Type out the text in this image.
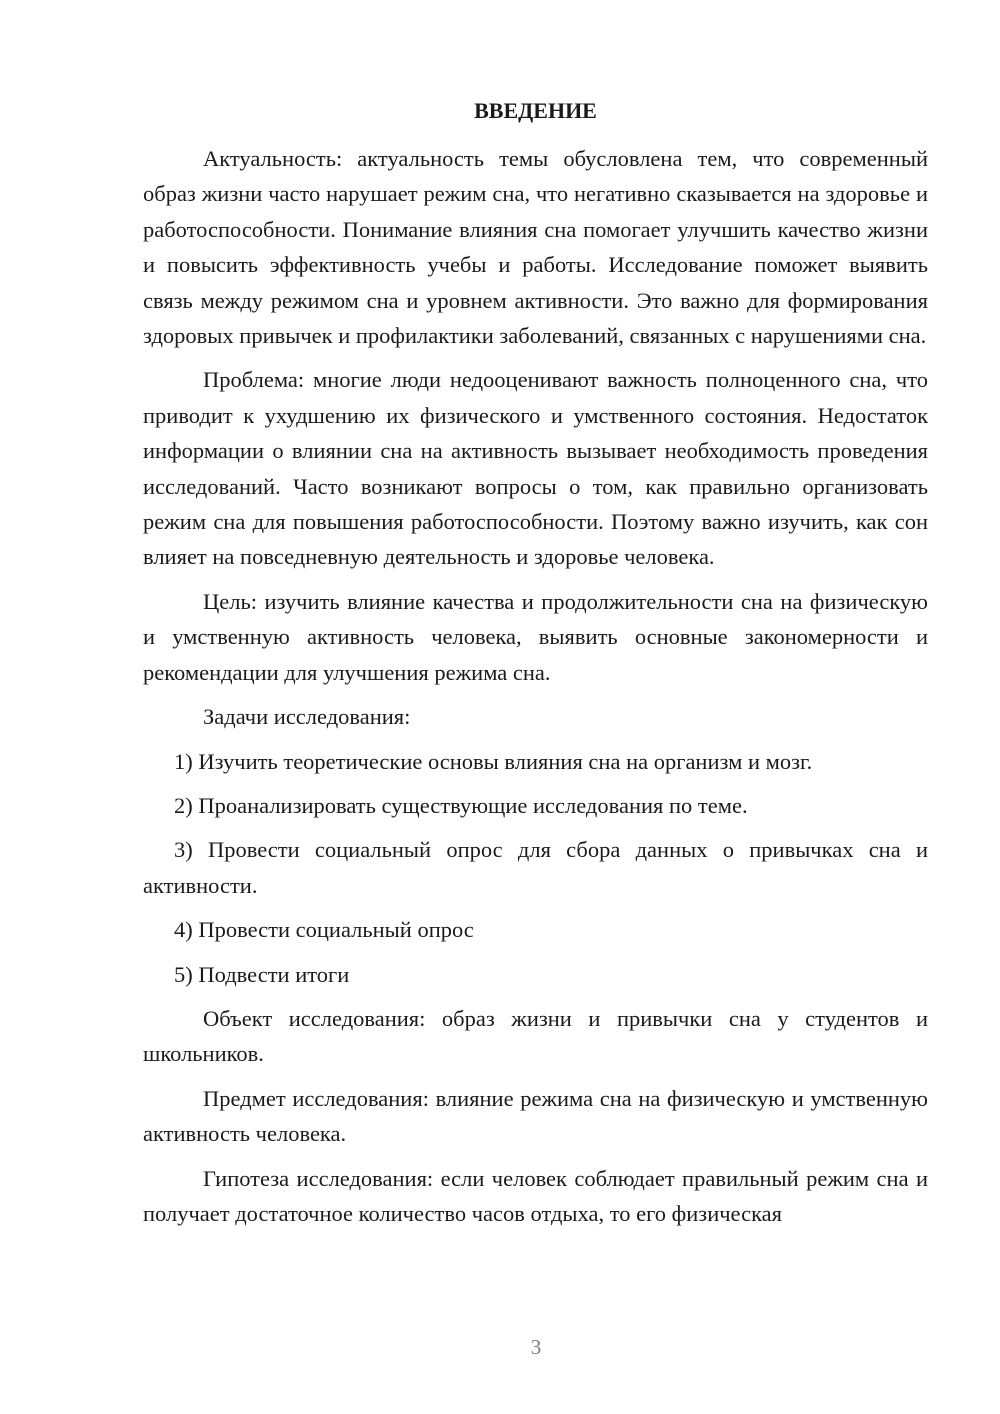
ВВЕДЕНИЕ

Актуальность: актуальность темы обусловлена тем, что современный образ жизни часто нарушает режим сна, что негативно сказывается на здоровье и работоспособности. Понимание влияния сна помогает улучшить качество жизни и повысить эффективность учебы и работы. Исследование поможет выявить связь между режимом сна и уровнем активности. Это важно для формирования здоровых привычек и профилактики заболеваний, связанных с нарушениями сна.

Проблема: многие люди недооценивают важность полноценного сна, что приводит к ухудшению их физического и умственного состояния. Недостаток информации о влиянии сна на активность вызывает необходимость проведения исследований. Часто возникают вопросы о том, как правильно организовать режим сна для повышения работоспособности. Поэтому важно изучить, как сон влияет на повседневную деятельность и здоровье человека.

Цель: изучить влияние качества и продолжительности сна на физическую и умственную активность человека, выявить основные закономерности и рекомендации для улучшения режима сна.

Задачи исследования:

1) Изучить теоретические основы влияния сна на организм и мозг.

2) Проанализировать существующие исследования по теме.

3) Провести социальный опрос для сбора данных о привычках сна и активности.

4) Провести социальный опрос

5) Подвести итоги

Объект исследования: образ жизни и привычки сна у студентов и школьников.

Предмет исследования: влияние режима сна на физическую и умственную активность человека.

Гипотеза исследования: если человек соблюдает правильный режим сна и получает достаточное количество часов отдыха, то его физическая

3
